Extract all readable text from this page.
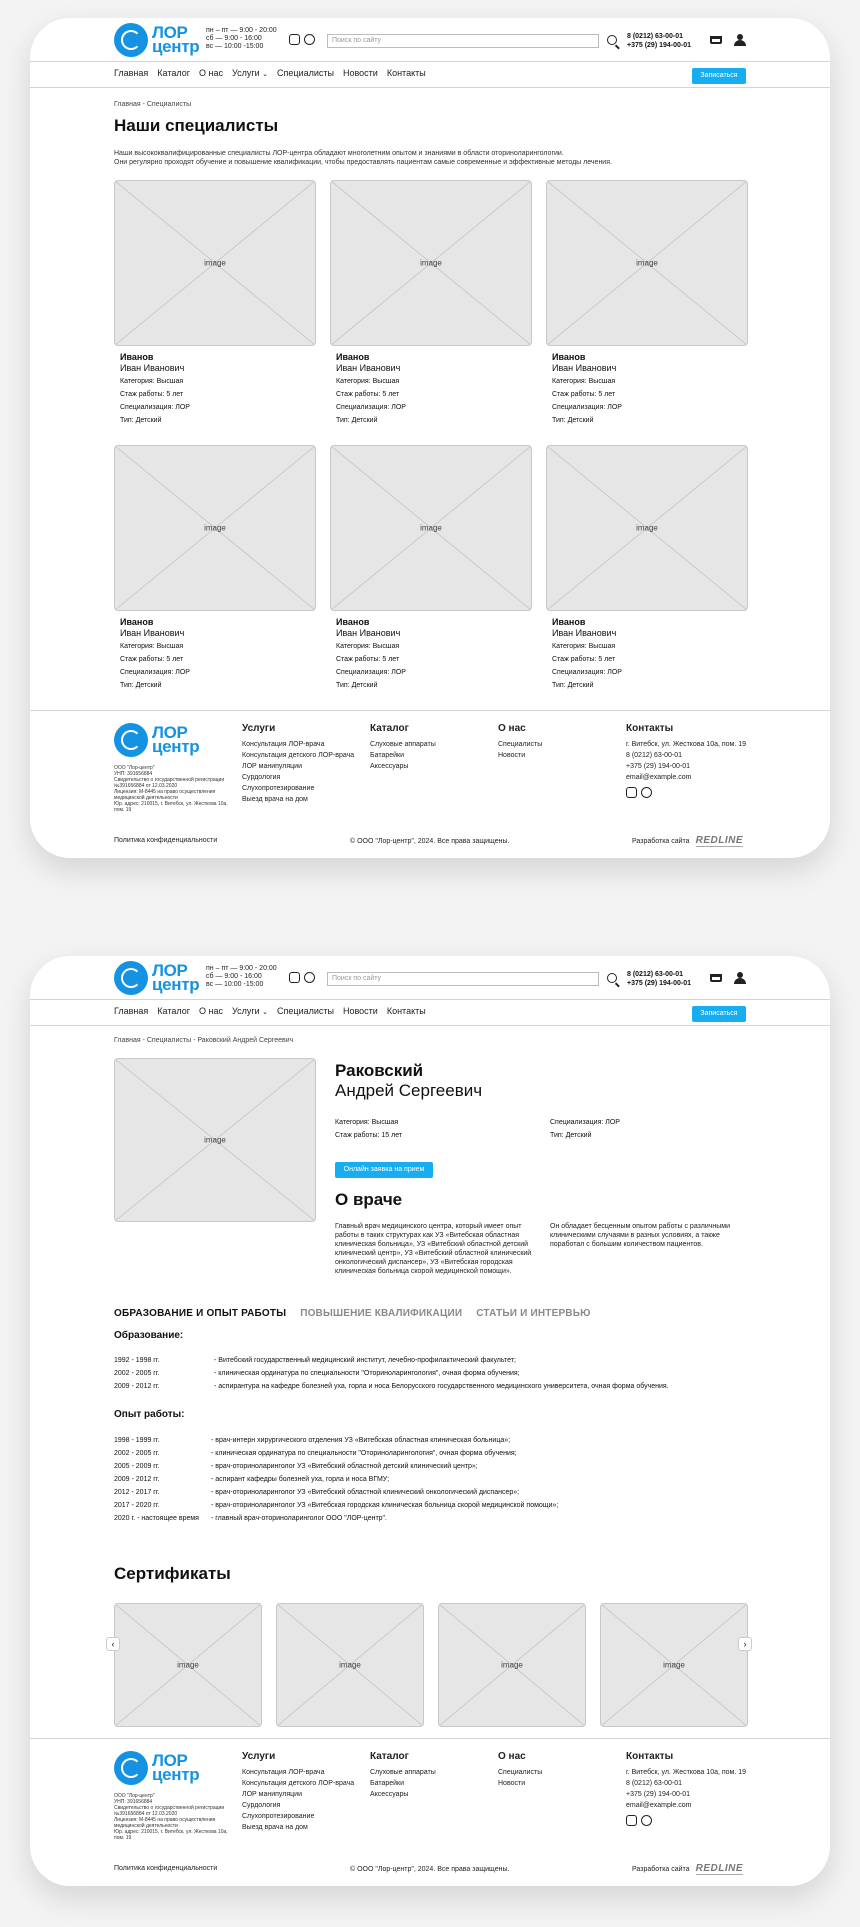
ЛОР
центр
пн – пт — 9:00 - 20:00
сб — 9:00 - 16:00
вс — 10:00 -15:00
Поиск по сайту
8 (0212) 63-00-01
+375 (29) 194-00-01
Главная Каталог О нас Услуги ⌄ Специалисты Новости Контакты	Записаться
Главная - Специалисты
Наши специалисты
Наши высококвалифицированные специалисты ЛОР-центра обладают многолетним опытом и знаниями в области оториноларингологии.
Они регулярно проходят обучение и повышение квалификации, чтобы предоставлять пациентам самые современные и эффективные методы лечения.
image
Иванов
Иван Иванович
Категория: Высшая
Стаж работы: 5 лет
Специализация: ЛОР
Тип: Детский
image
Иванов
Иван Иванович
Категория: Высшая
Стаж работы: 5 лет
Специализация: ЛОР
Тип: Детский
image
Иванов
Иван Иванович
Категория: Высшая
Стаж работы: 5 лет
Специализация: ЛОР
Тип: Детский
image
Иванов
Иван Иванович
Категория: Высшая
Стаж работы: 5 лет
Специализация: ЛОР
Тип: Детский
image
Иванов
Иван Иванович
Категория: Высшая
Стаж работы: 5 лет
Специализация: ЛОР
Тип: Детский
image
Иванов
Иван Иванович
Категория: Высшая
Стаж работы: 5 лет
Специализация: ЛОР
Тип: Детский
ЛОР
центр
ООО "Лор-центр"
УНП: 391656884
Свидетельство о государственной регистрации №391656884 от 12.03.2020
Лицензия: М-8445 на право осуществления медицинской деятельности
Юр. адрес: 210015, г. Витебск, ул. Жесткова 10а, пом. 19
Услуги
Консультация ЛОР-врача
Консультация детского ЛОР-врача
ЛОР манипуляции
Сурдология
Слухопротезирование
Выезд врача на дом
Каталог
Слуховые аппараты
Батарейки
Аксессуары
О нас
Специалисты
Новости
Контакты
г. Витебск, ул. Жесткова 10а, пом. 19
8 (0212) 63-00-01
+375 (29) 194-00-01
email@example.com
Политика конфиденциальности	© ООО "Лор-центр", 2024. Все права защищены.	Разработка сайта REDLINE
ЛОР
центр
пн – пт — 9:00 - 20:00
сб — 9:00 - 16:00
вс — 10:00 -15:00
Поиск по сайту
8 (0212) 63-00-01
+375 (29) 194-00-01
Главная Каталог О нас Услуги ⌄ Специалисты Новости Контакты	Записаться
Главная - Специалисты - Раковский Андрей Сергеевич
image
Раковский
Андрей Сергеевич
Категория: Высшая
Стаж работы: 15 лет
Специализация: ЛОР
Тип: Детский
Онлайн заявка на прием
О враче
Главный врач медицинского центра, который имеет опыт работы в таких структурах как УЗ «Витебская областная клиническая больница», УЗ «Витебский областной детский клинический центр», УЗ «Витебский областной клинический онкологический диспансер», УЗ «Витебская городская клиническая больница скорой медицинской помощи».
Он обладает бесценным опытом работы с различными клиническими случаями в разных условиях, а также поработал с большим количеством пациентов.
ОБРАЗОВАНИЕ И ОПЫТ РАБОТЫ ПОВЫШЕНИЕ КВАЛИФИКАЦИИ СТАТЬИ И ИНТЕРВЬЮ
Образование:
1992 - 1998 гг.	- Витебский государственный медицинский институт, лечебно-профилактический факультет;
2002 - 2005 гг.	- клиническая ординатура по специальности "Оториноларингология", очная форма обучения;
2009 - 2012 гг.	- аспирантура на кафедре болезней уха, горла и носа Белорусского государственного медицинского университета, очная форма обучения.
Опыт работы:
1998 - 1999 гг.	- врач-интерн хирургического отделения УЗ «Витебская областная клиническая больница»;
2002 - 2005 гг.	- клиническая ординатура по специальности "Оториноларингология", очная форма обучения;
2005 - 2009 гг.	- врач-оториноларинголог УЗ «Витебский областной детский клинический центр»;
2009 - 2012 гг.	- аспирант кафедры болезней уха, горла и носа ВГМУ;
2012 - 2017 гг.	- врач-оториноларинголог УЗ «Витебский областной клинический онкологический диспансер»;
2017 - 2020 гг.	- врач-оториноларинголог УЗ «Витебская городская клиническая больница скорой медицинской помощи»;
2020 г. - настоящее время - главный врач-оториноларинголог ООО "ЛОР-центр".
Сертификаты
image	image	image	image
‹	›
ЛОР
центр
ООО "Лор-центр"
УНП: 391656884
Свидетельство о государственной регистрации №391656884 от 12.03.2020
Лицензия: М-8445 на право осуществления медицинской деятельности
Юр. адрес: 210015, г. Витебск, ул. Жесткова 10а, пом. 19
Услуги
Консультация ЛОР-врача
Консультация детского ЛОР-врача
ЛОР манипуляции
Сурдология
Слухопротезирование
Выезд врача на дом
Каталог
Слуховые аппараты
Батарейки
Аксессуары
О нас
Специалисты
Новости
Контакты
г. Витебск, ул. Жесткова 10а, пом. 19
8 (0212) 63-00-01
+375 (29) 194-00-01
email@example.com
Политика конфиденциальности	© ООО "Лор-центр", 2024. Все права защищены.	Разработка сайта REDLINE
